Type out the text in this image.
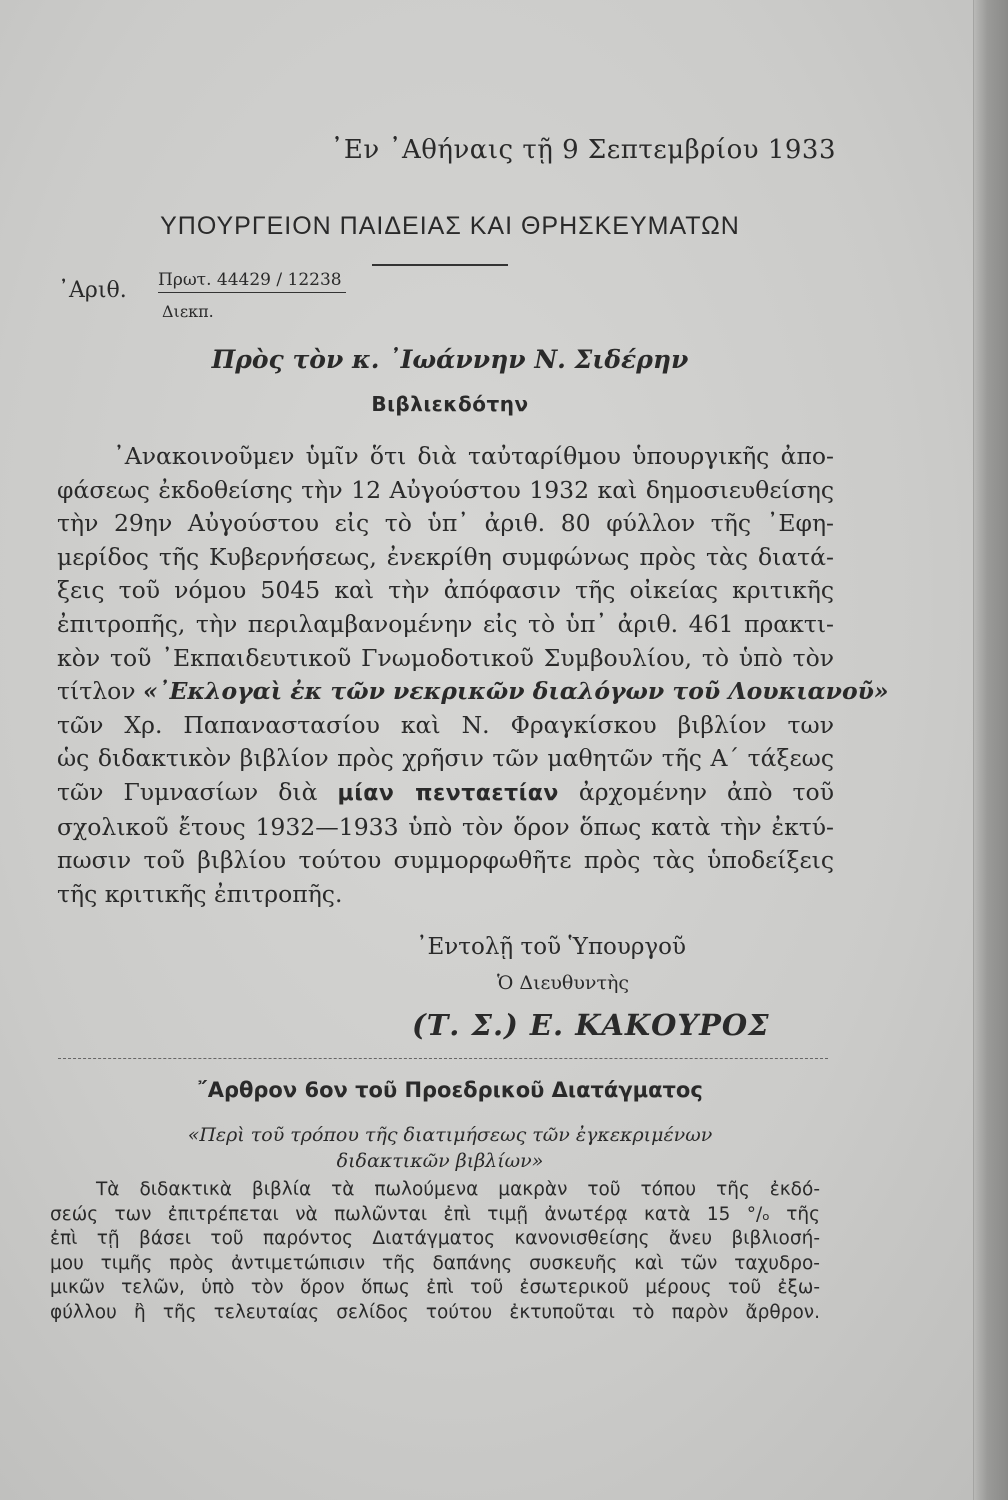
᾿Εν ᾿Αθήναις τῇ 9 Σεπτεμβρίου 1933
ΥΠΟΥΡΓΕΙΟΝ ΠΑΙΔΕΙΑΣ ΚΑΙ ΘΡΗΣΚΕΥΜΑΤΩΝ
᾿Αριθ. Πρωτ. 44429 / 12238
Διεκπ.
Πρὸς τὸν κ. ᾿Ιωάννην Ν. Σιδέρην
Βιβλιεκδότην
᾿Ανακοινοῦμεν ὑμῖν ὅτι διὰ ταὐταρίθμου ὑπουργικῆς ἀπο-
φάσεως ἐκδοθείσης τὴν 12 Αὐγούστου 1932 καὶ δημοσιευθείσης
τὴν 29ην Αὐγούστου εἰς τὸ ὑπ᾿ ἀριθ. 80 φύλλον τῆς ᾿Εφη-
μερίδος τῆς Κυβερνήσεως, ἐνεκρίθη συμφώνως πρὸς τὰς διατά-
ξεις τοῦ νόμου 5045 καὶ τὴν ἀπόφασιν τῆς οἰκείας κριτικῆς
ἐπιτροπῆς, τὴν περιλαμβανομένην εἰς τὸ ὑπ᾿ ἀριθ. 461 πρακτι-
κὸν τοῦ ᾿Εκπαιδευτικοῦ Γνωμοδοτικοῦ Συμβουλίου, τὸ ὑπὸ τὸν
τίτλον «᾿Εκλογαὶ ἐκ τῶν νεκρικῶν διαλόγων τοῦ Λουκιανοῦ»
τῶν Χρ. Παπαναστασίου καὶ Ν. Φραγκίσκου βιβλίον των
ὡς διδακτικὸν βιβλίον πρὸς χρῆσιν τῶν μαθητῶν τῆς Α΄ τάξεως
τῶν Γυμνασίων διὰ μίαν πενταετίαν ἀρχομένην ἀπὸ τοῦ
σχολικοῦ ἔτους 1932—1933 ὑπὸ τὸν ὅρον ὅπως κατὰ τὴν ἐκτύ-
πωσιν τοῦ βιβλίου τούτου συμμορφωθῆτε πρὸς τὰς ὑποδείξεις
τῆς κριτικῆς ἐπιτροπῆς.
᾿Εντολῇ τοῦ Ὑπουργοῦ
Ὁ Διευθυντὴς
(Τ. Σ.) Ε. ΚΑΚΟΥΡΟΣ
῎Αρθρον 6ον τοῦ Προεδρικοῦ Διατάγματος
«Περὶ τοῦ τρόπου τῆς διατιμήσεως τῶν ἐγκεκριμένων
διδακτικῶν βιβλίων»
Τὰ διδακτικὰ βιβλία τὰ πωλούμενα μακρὰν τοῦ τόπου τῆς ἐκδό-
σεώς των ἐπιτρέπεται νὰ πωλῶνται ἐπὶ τιμῇ ἀνωτέρᾳ κατὰ 15 °/ₒ τῆς
ἐπὶ τῇ βάσει τοῦ παρόντος Διατάγματος κανονισθείσης ἄνευ βιβλιοσή-
μου τιμῆς πρὸς ἀντιμετώπισιν τῆς δαπάνης συσκευῆς καὶ τῶν ταχυδρο-
μικῶν τελῶν, ὑπὸ τὸν ὅρον ὅπως ἐπὶ τοῦ ἐσωτερικοῦ μέρους τοῦ ἐξω-
φύλλου ἢ τῆς τελευταίας σελίδος τούτου ἐκτυποῦται τὸ παρὸν ἄρθρον.
